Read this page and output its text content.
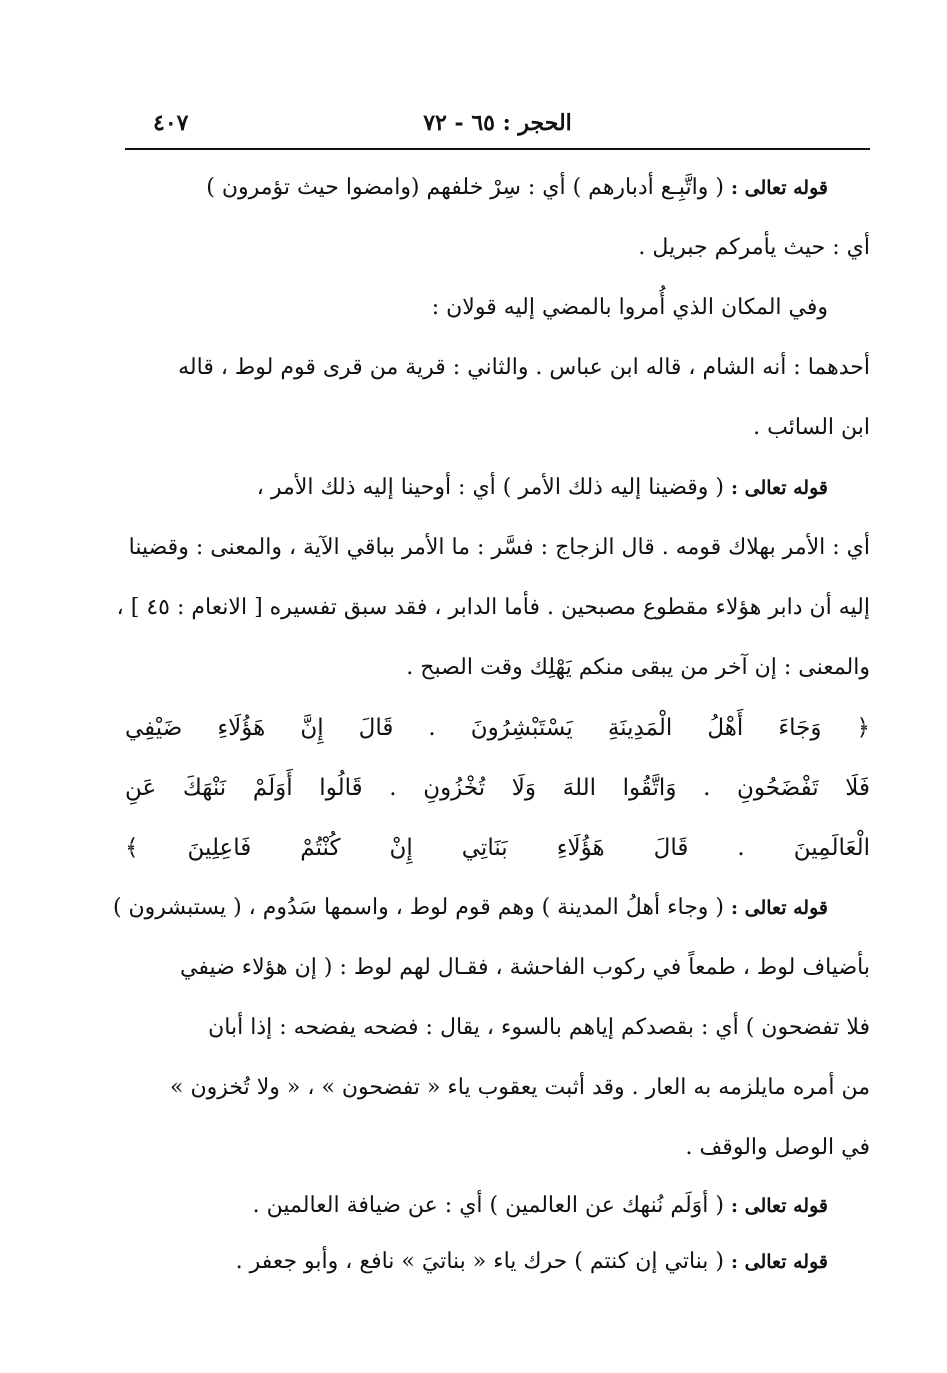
الحجر : ٦٥ - ٧٢
٤٠٧
قوله تعالى : ( واتَّبِـع أدبارهم ) أي : سِرْ خلفهم (وامضوا حيث تؤمرون )
أي : حيث يأمركم جبريل .
وفي المكان الذي أُمروا بالمضي إليه قولان :
أحدهما : أنه الشام ، قاله ابن عباس . والثاني : قرية من قرى قوم لوط ، قاله
ابن السائب .
قوله تعالى : ( وقضينا إليه ذلك الأمر ) أي : أوحينا إليه ذلك الأمر ،
أي : الأمر بهلاك قومه . قال الزجاج : فسَّر : ما الأمر بباقي الآية ، والمعنى : وقضينا
إليه أن دابر هؤلاء مقطوع مصبحين . فأما الدابر ، فقد سبق تفسيره [ الانعام : ٤٥ ] ،
والمعنى : إن آخر من يبقى منكم يَهْلِك وقت الصبح .
﴿ وَجَاءَ أَهْلُ الْمَدِينَةِ يَسْتَبْشِرُونَ . قَالَ إِنَّ هَؤُلَاءِ ضَيْفِي
فَلَا تَفْضَحُونِ . وَاتَّقُوا اللهَ وَلَا تُخْزُونِ . قَالُوا أَوَلَمْ نَنْهَكَ عَنِ
الْعَالَمِينَ . قَالَ هَؤُلَاءِ بَنَاتِي إِنْ كُنْتُمْ فَاعِلِينَ ﴾
قوله تعالى : ( وجاء أهلُ المدينة ) وهم قوم لوط ، واسمها سَدُوم ، ( يستبشرون )
بأضياف لوط ، طمعاً في ركوب الفاحشة ، فقـال لهم لوط : ( إن هؤلاء ضيفي
فلا تفضحون ) أي : بقصدكم إياهم بالسوء ، يقال : فضحه يفضحه : إذا أبان
من أمره مايلزمه به العار . وقد أثبت يعقوب ياء « تفضحون » ، « ولا تُخزون »
في الوصل والوقف .
قوله تعالى : ( أوَلَم نُنهك عن العالمين ) أي : عن ضيافة العالمين .
قوله تعالى : ( بناتي إن كنتم ) حرك ياء « بناتيَ » نافع ، وأبو جعفر .
